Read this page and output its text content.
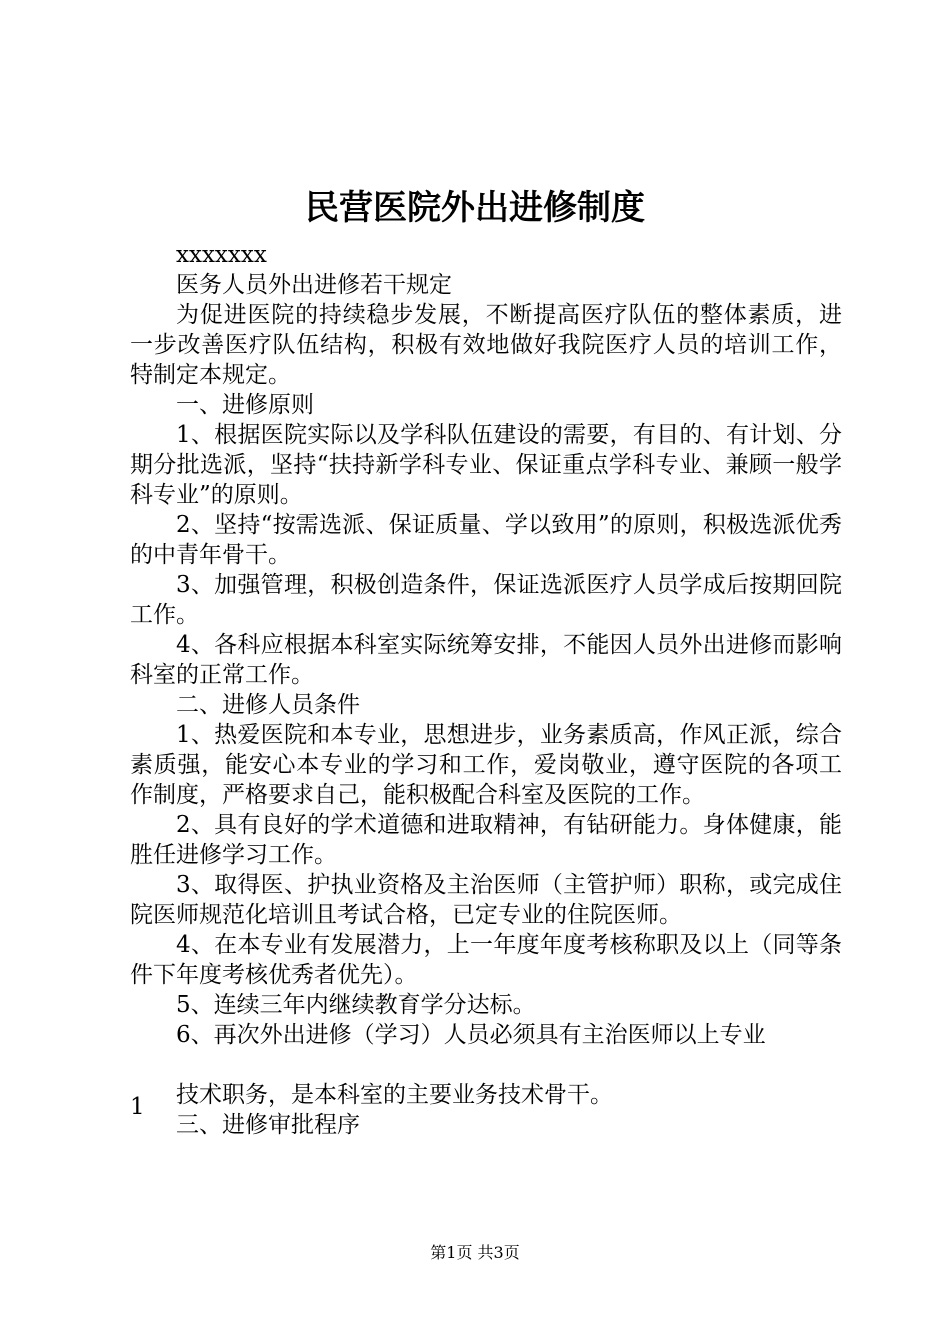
民营医院外出进修制度

xxxxxxx

医务人员外出进修若干规定

为促进医院的持续稳步发展，不断提高医疗队伍的整体素质，进一步改善医疗队伍结构，积极有效地做好我院医疗人员的培训工作，特制定本规定。

一、进修原则

1、根据医院实际以及学科队伍建设的需要，有目的、有计划、分期分批选派，坚持“扶持新学科专业、保证重点学科专业、兼顾一般学科专业”的原则。

2、坚持“按需选派、保证质量、学以致用”的原则，积极选派优秀的中青年骨干。

3、加强管理，积极创造条件，保证选派医疗人员学成后按期回院工作。

4、各科应根据本科室实际统筹安排，不能因人员外出进修而影响科室的正常工作。

二、进修人员条件

1、热爱医院和本专业，思想进步，业务素质高，作风正派，综合素质强，能安心本专业的学习和工作，爱岗敬业，遵守医院的各项工作制度，严格要求自己，能积极配合科室及医院的工作。

2、具有良好的学术道德和进取精神，有钻研能力。身体健康，能胜任进修学习工作。

3、取得医、护执业资格及主治医师（主管护师）职称，或完成住院医师规范化培训且考试合格，已定专业的住院医师。

4、在本专业有发展潜力，上一年度年度考核称职及以上（同等条件下年度考核优秀者优先）。

5、连续三年内继续教育学分达标。

6、再次外出进修（学习）人员必须具有主治医师以上专业

技术职务，是本科室的主要业务技术骨干。

三、进修审批程序

1
第1页 共3页
